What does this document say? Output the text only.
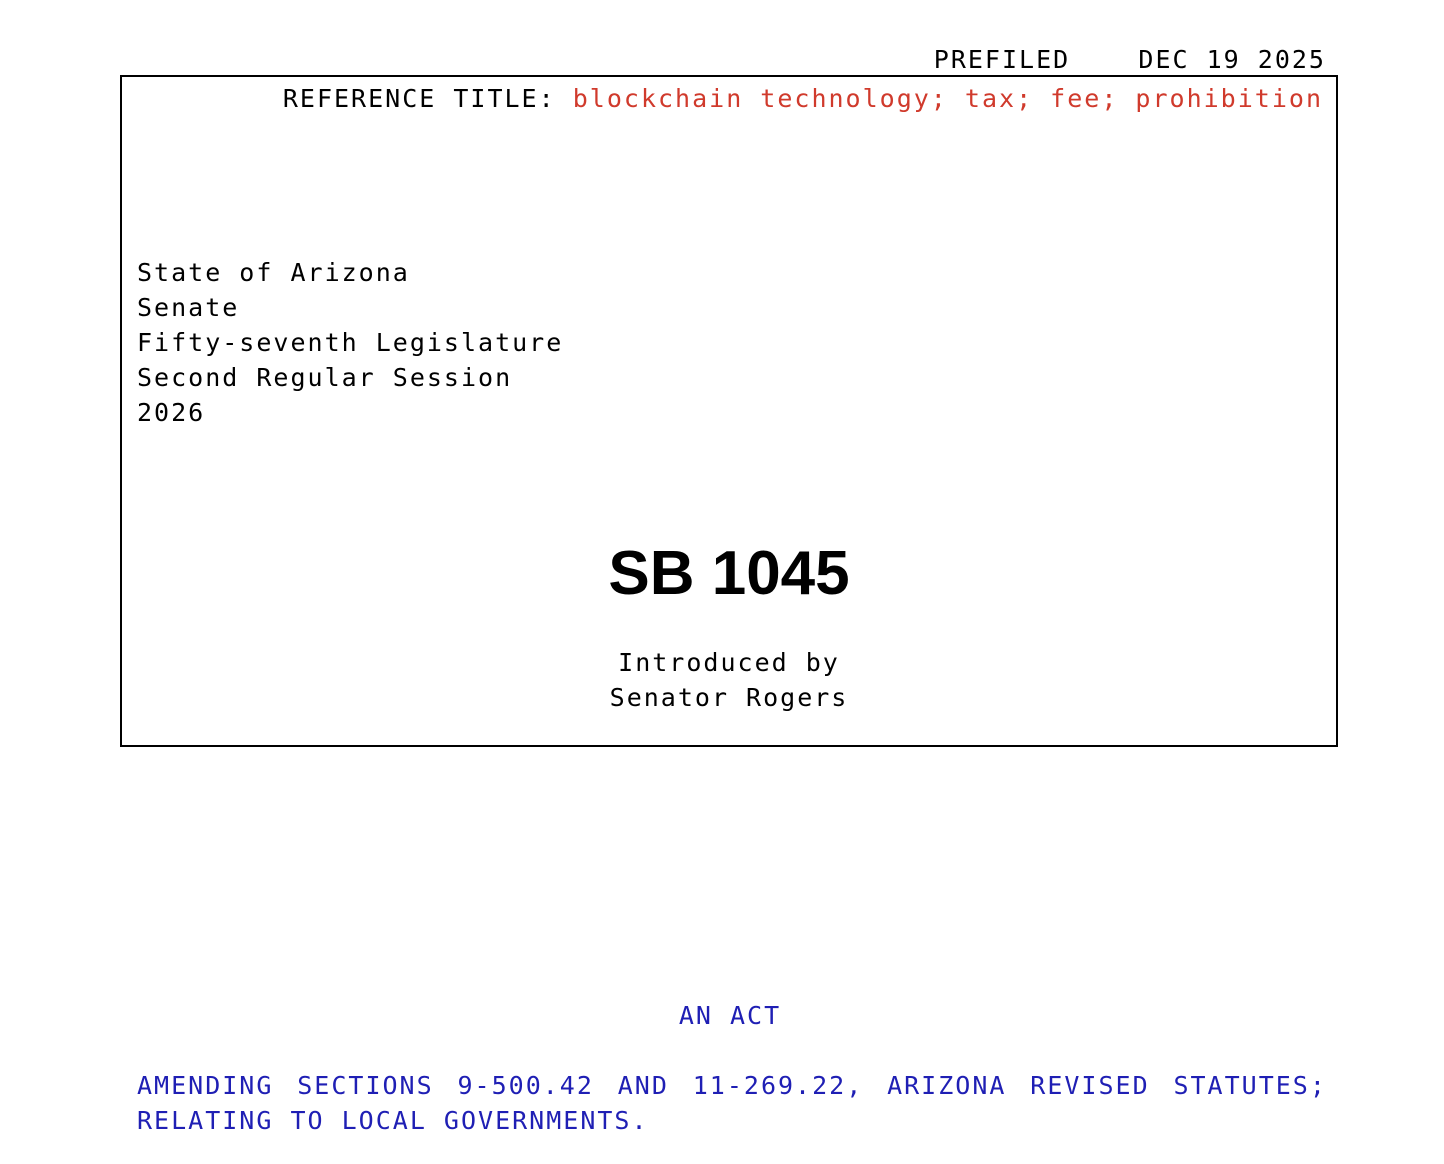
PREFILED	DEC 19 2025
REFERENCE TITLE: blockchain technology; tax; fee; prohibition
State of Arizona
Senate
Fifty-seventh Legislature
Second Regular Session
2026
SB 1045
Introduced by
Senator Rogers
AN ACT
AMENDING SECTIONS 9-500.42 AND 11-269.22, ARIZONA REVISED STATUTES;
RELATING TO LOCAL GOVERNMENTS.
